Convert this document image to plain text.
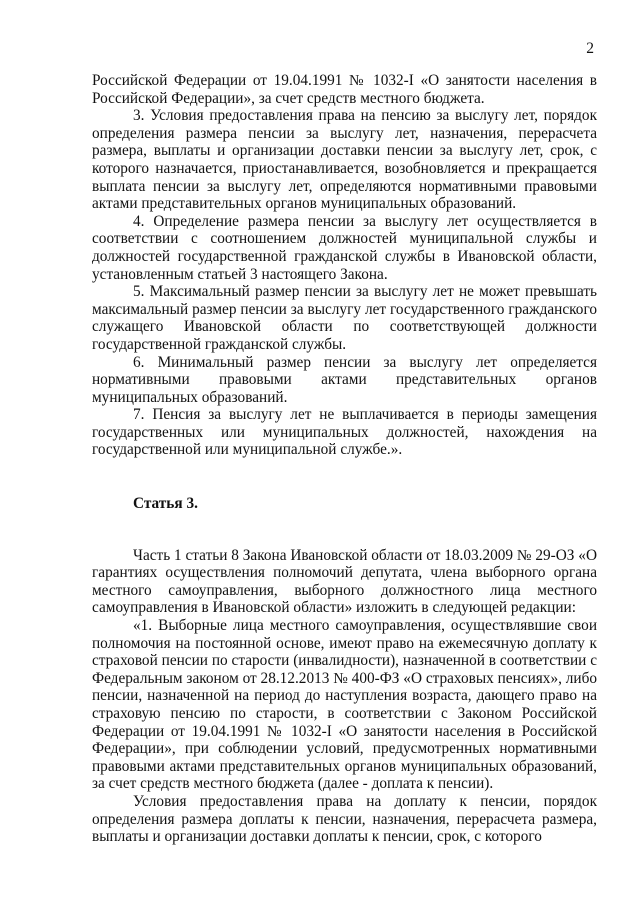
2

Российской Федерации от 19.04.1991 № 1032-I «О занятости населения в Российской Федерации», за счет средств местного бюджета.

3. Условия предоставления права на пенсию за выслугу лет, порядок определения размера пенсии за выслугу лет, назначения, перерасчета размера, выплаты и организации доставки пенсии за выслугу лет, срок, с которого назначается, приостанавливается, возобновляется и прекращается выплата пенсии за выслугу лет, определяются нормативными правовыми актами представительных органов муниципальных образований.

4. Определение размера пенсии за выслугу лет осуществляется в соответствии с соотношением должностей муниципальной службы и должностей государственной гражданской службы в Ивановской области, установленным статьей 3 настоящего Закона.

5. Максимальный размер пенсии за выслугу лет не может превышать максимальный размер пенсии за выслугу лет государственного гражданского служащего Ивановской области по соответствующей должности государственной гражданской службы.

6. Минимальный размер пенсии за выслугу лет определяется нормативными правовыми актами представительных органов муниципальных образований.

7. Пенсия за выслугу лет не выплачивается в периоды замещения государственных или муниципальных должностей, нахождения на государственной или муниципальной службе.».

Статья 3.

Часть 1 статьи 8 Закона Ивановской области от 18.03.2009 № 29-ОЗ «О гарантиях осуществления полномочий депутата, члена выборного органа местного самоуправления, выборного должностного лица местного самоуправления в Ивановской области» изложить в следующей редакции:

«1. Выборные лица местного самоуправления, осуществлявшие свои полномочия на постоянной основе, имеют право на ежемесячную доплату к страховой пенсии по старости (инвалидности), назначенной в соответствии с Федеральным законом от 28.12.2013 № 400-ФЗ «О страховых пенсиях», либо пенсии, назначенной на период до наступления возраста, дающего право на страховую пенсию по старости, в соответствии с Законом Российской Федерации от 19.04.1991 № 1032-I «О занятости населения в Российской Федерации», при соблюдении условий, предусмотренных нормативными правовыми актами представительных органов муниципальных образований, за счет средств местного бюджета (далее - доплата к пенсии).

Условия предоставления права на доплату к пенсии, порядок определения размера доплаты к пенсии, назначения, перерасчета размера, выплаты и организации доставки доплаты к пенсии, срок, с которого
